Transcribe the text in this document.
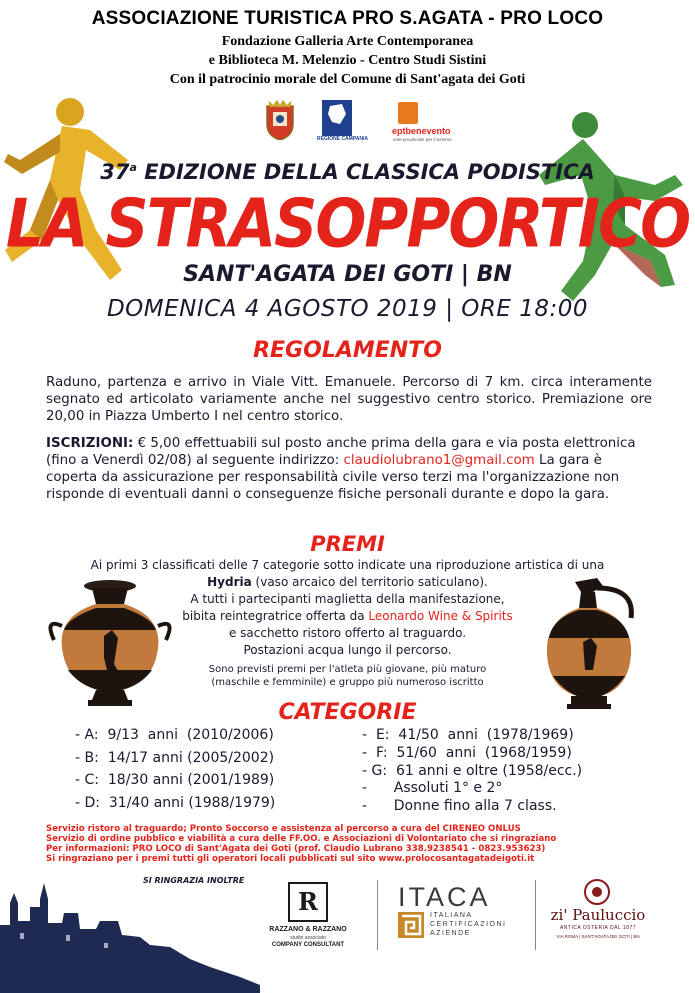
ASSOCIAZIONE TURISTICA PRO S.AGATA - PRO LOCO
Fondazione Galleria Arte Contemporanea
e Biblioteca M. Melenzio - Centro Studi Sistini
Con il patrocinio morale del Comune di Sant'agata dei Goti
REGIONE CAMPANIA
eptbenevento
ente provinciale per il turismo
37$^a$ EDIZIONE DELLA CLASSICA PODISTICA
LA STRASOPPORTICO
SANT'AGATA DEI GOTI | BN
DOMENICA 4 AGOSTO 2019 | ORE 18:00
REGOLAMENTO
Raduno, partenza e arrivo in Viale Vitt. Emanuele. Percorso di 7 km. circa interamente segnato ed articolato variamente anche nel suggestivo centro storico. Premiazione ore 20,00 in Piazza Umberto I nel centro storico.
ISCRIZIONI: € 5,00 effettuabili sul posto anche prima della gara e via posta elettronica (fino a Venerdì 02/08) al seguente indirizzo: claudiolubrano1@gmail.com La gara è coperta da assicurazione per responsabilità civile verso terzi ma l'organizzazione non risponde di eventuali danni o conseguenze fisiche personali durante e dopo la gara.
PREMI
Ai primi 3 classificati delle 7 categorie sotto indicate una riproduzione artistica di una
Hydria (vaso arcaico del territorio saticulano).
A tutti i partecipanti maglietta della manifestazione,
bibita reintegratrice offerta da Leonardo Wine & Spirits
e sacchetto ristoro offerto al traguardo.
Postazioni acqua lungo il percorso.
Sono previsti premi per l'atleta più giovane, più maturo
(maschile e femminile) e gruppo più numeroso iscritto
CATEGORIE
- A:  9/13  anni  (2010/2006)
- B:  14/17 anni (2005/2002)
- C:  18/30 anni (2001/1989)
- D:  31/40 anni (1988/1979)
-  E:  41/50  anni  (1978/1969)
-  F:  51/60  anni  (1968/1959)
- G:  61 anni e oltre (1958/ecc.)
-      Assoluti 1° e 2°
-      Donne fino alla 7 class.
Servizio ristoro al traguardo; Pronto Soccorso e assistenza al percorso a cura del CIRENEO ONLUS
Servizio di ordine pubblico e viabilità a cura delle FF.OO. e Associazioni di Volontariato che si ringraziano
Per informazioni: PRO LOCO di Sant'Agata dei Goti (prof. Claudio Lubrano 338.9238541 - 0823.953623)
Si ringraziano per i premi tutti gli operatori locali pubblicati sul sito www.prolocosantagatadeigoti.it
SI RINGRAZIA INOLTRE
R
RAZZANO & RAZZANO
studio associato
COMPANY CONSULTANT
ITACA
ITALIANA
CERTIFICAZIONI
AZIENDE
zi' Pauluccio
ANTICA OSTERIA DAL 1877
VIA ROMA | SANT'AGATA DEI GOTI | BN
